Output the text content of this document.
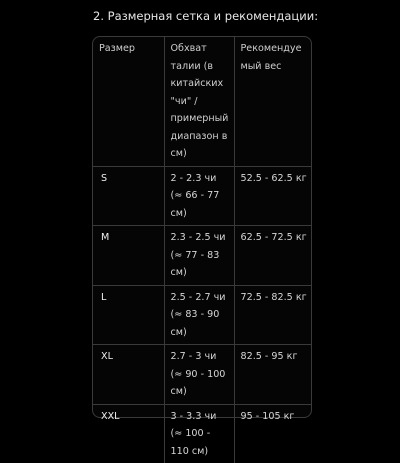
2. Размерная сетка и рекомендации:
Размер	Обхват талии (в китайских "чи" / примерный диапазон в см)	Рекомендуемый вес
S	2 - 2.3 чи (≈ 66 - 77 см)	52.5 - 62.5 кг
M	2.3 - 2.5 чи (≈ 77 - 83 см)	62.5 - 72.5 кг
L	2.5 - 2.7 чи (≈ 83 - 90 см)	72.5 - 82.5 кг
XL	2.7 - 3 чи (≈ 90 - 100 см)	82.5 - 95 кг
XXL	3 - 3.3 чи (≈ 100 - 110 см)	95 - 105 кг
